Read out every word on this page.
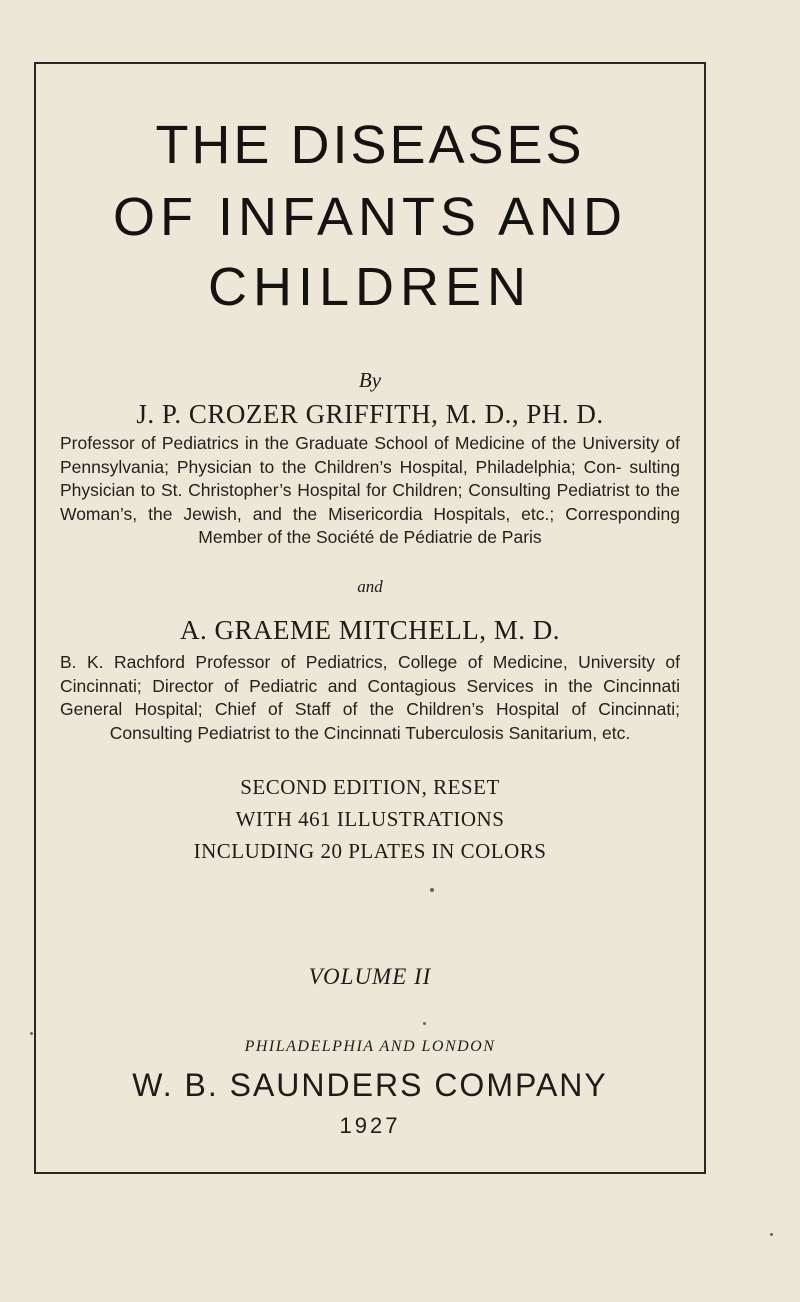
THE DISEASES
OF INFANTS AND
CHILDREN
By
J. P. CROZER GRIFFITH, M. D., PH. D.
Professor of Pediatrics in the Graduate School of Medicine of the University of Pennsylvania; Physician to the Children’s Hospital, Philadelphia; Con- sulting Physician to St. Christopher’s Hospital for Children; Consulting Pediatrist to the Woman’s, the Jewish, and the Misericordia Hospitals, etc.; Corresponding Member of the Société de Pédiatrie de Paris
and
A. GRAEME MITCHELL, M. D.
B. K. Rachford Professor of Pediatrics, College of Medicine, University of Cincinnati; Director of Pediatric and Contagious Services in the Cincinnati General Hospital; Chief of Staff of the Children’s Hospital of Cincinnati; Consulting Pediatrist to the Cincinnati Tuberculosis Sanitarium, etc.
SECOND EDITION, RESET
WITH 461 ILLUSTRATIONS
INCLUDING 20 PLATES IN COLORS
VOLUME II
PHILADELPHIA AND LONDON
W. B. SAUNDERS COMPANY
1927
